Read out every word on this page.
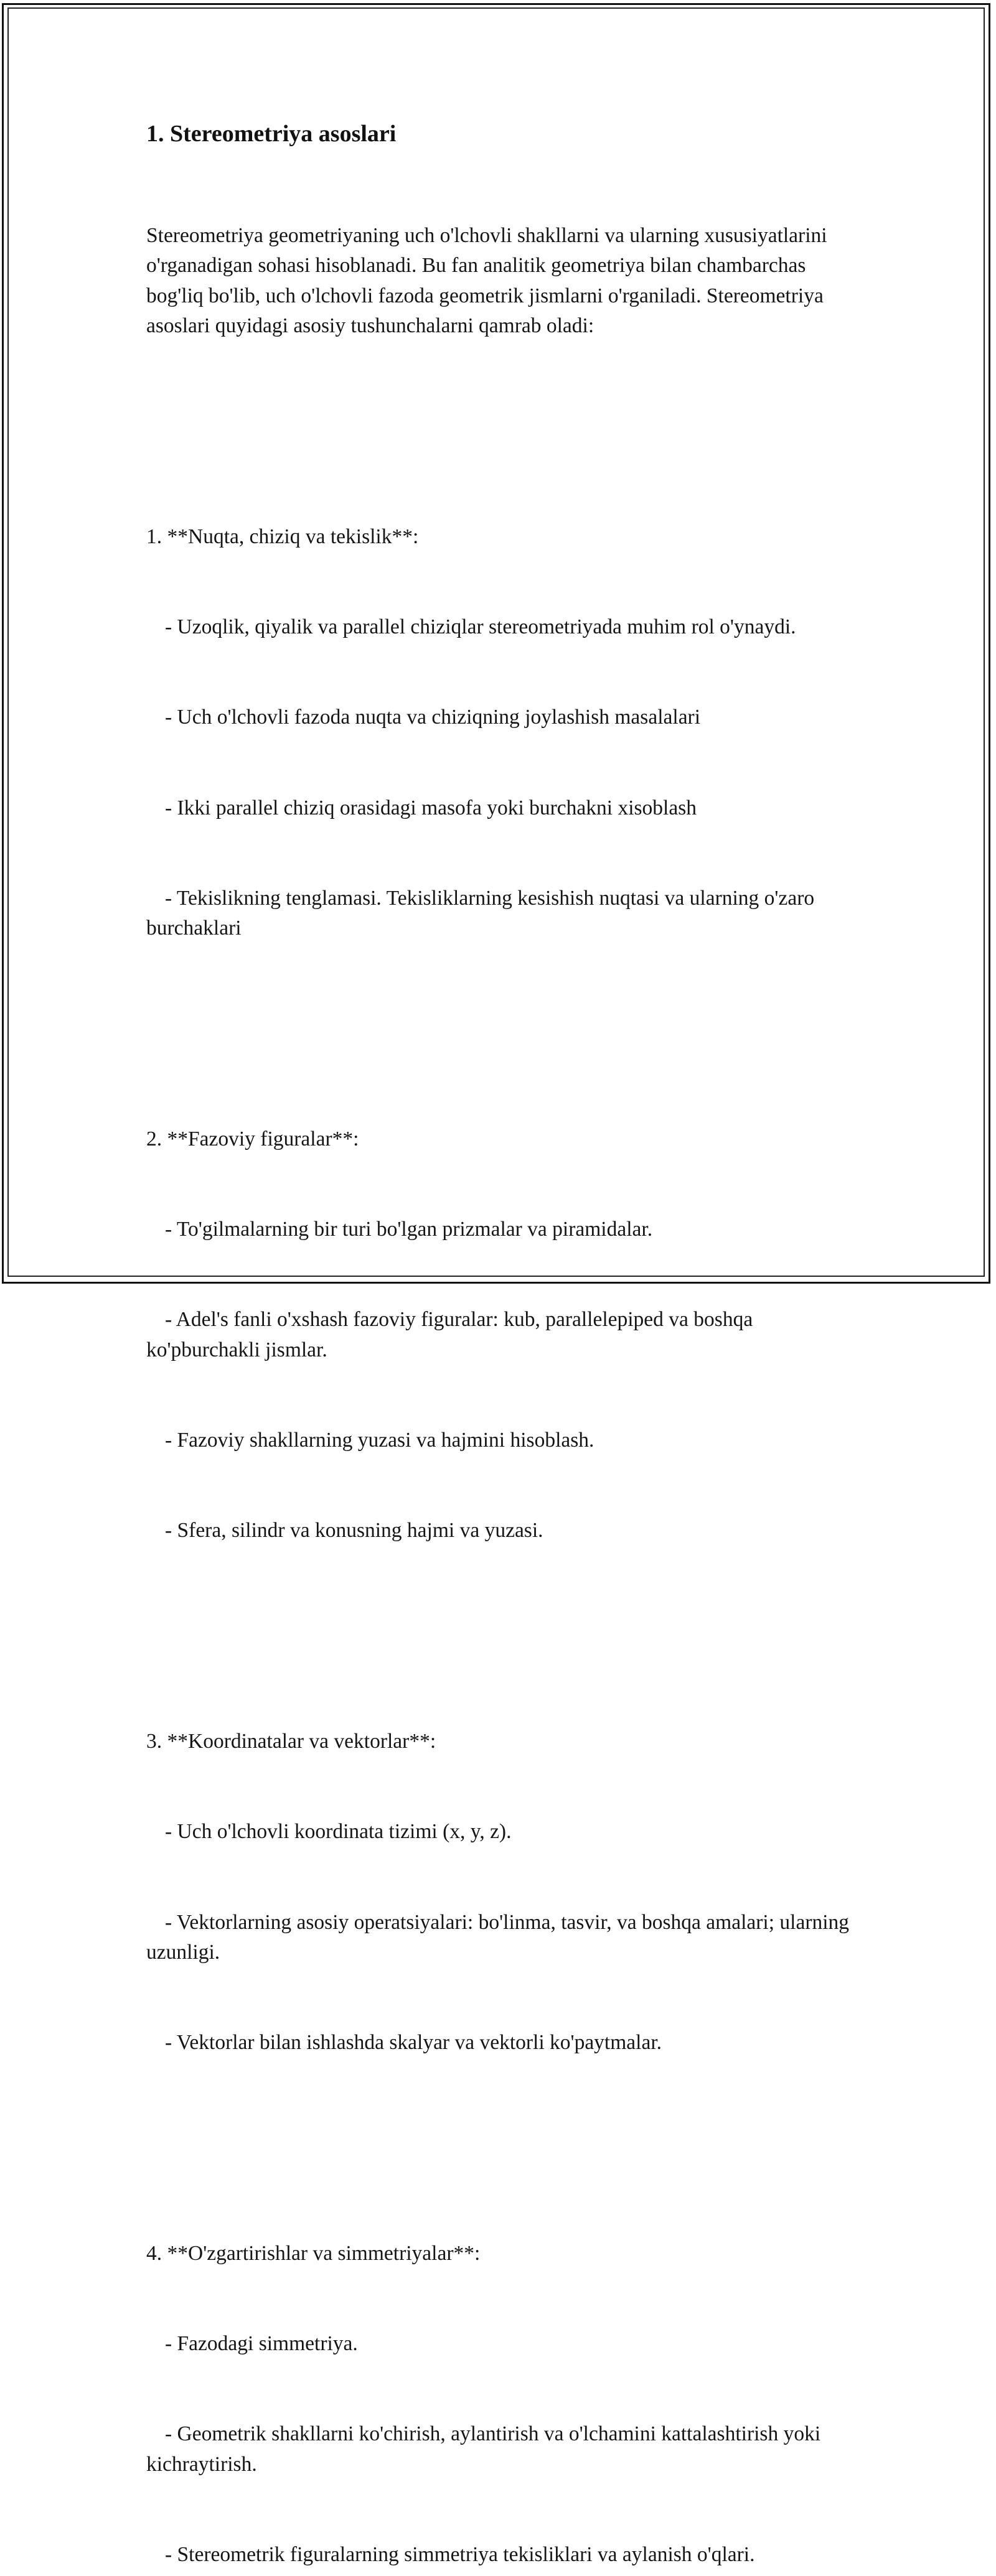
1. Stereometriya asoslari

Stereometriya geometriyaning uch o'lchovli shakllarni va ularning xususiyatlarini o'rganadigan sohasi hisoblanadi. Bu fan analitik geometriya bilan chambarchas bog'liq bo'lib, uch o'lchovli fazoda geometrik jismlarni o'rganiladi. Stereometriya asoslari quyidagi asosiy tushunchalarni qamrab oladi:

1. **Nuqta, chiziq va tekislik**:

- Uzoqlik, qiyalik va parallel chiziqlar stereometriyada muhim rol o'ynaydi.

- Uch o'lchovli fazoda nuqta va chiziqning joylashish masalalari

- Ikki parallel chiziq orasidagi masofa yoki burchakni xisoblash

- Tekislikning tenglamasi. Tekisliklarning kesishish nuqtasi va ularning o'zaro burchaklari

2. **Fazoviy figuralar**:

- To'gilmalarning bir turi bo'lgan prizmalar va piramidalar.

- Adel's fanli o'xshash fazoviy figuralar: kub, parallelepiped va boshqa ko'pburchakli jismlar.

- Fazoviy shakllarning yuzasi va hajmini hisoblash.

- Sfera, silindr va konusning hajmi va yuzasi.

3. **Koordinatalar va vektorlar**:

- Uch o'lchovli koordinata tizimi (x, y, z).

- Vektorlarning asosiy operatsiyalari: bo'linma, tasvir, va boshqa amalari; ularning uzunligi.

- Vektorlar bilan ishlashda skalyar va vektorli ko'paytmalar.

4. **O'zgartirishlar va simmetriyalar**:

- Fazodagi simmetriya.

- Geometrik shakllarni ko'chirish, aylantirish va o'lchamini kattalashtirish yoki kichraytirish.

- Stereometrik figuralarning simmetriya tekisliklari va aylanish o'qlari.
